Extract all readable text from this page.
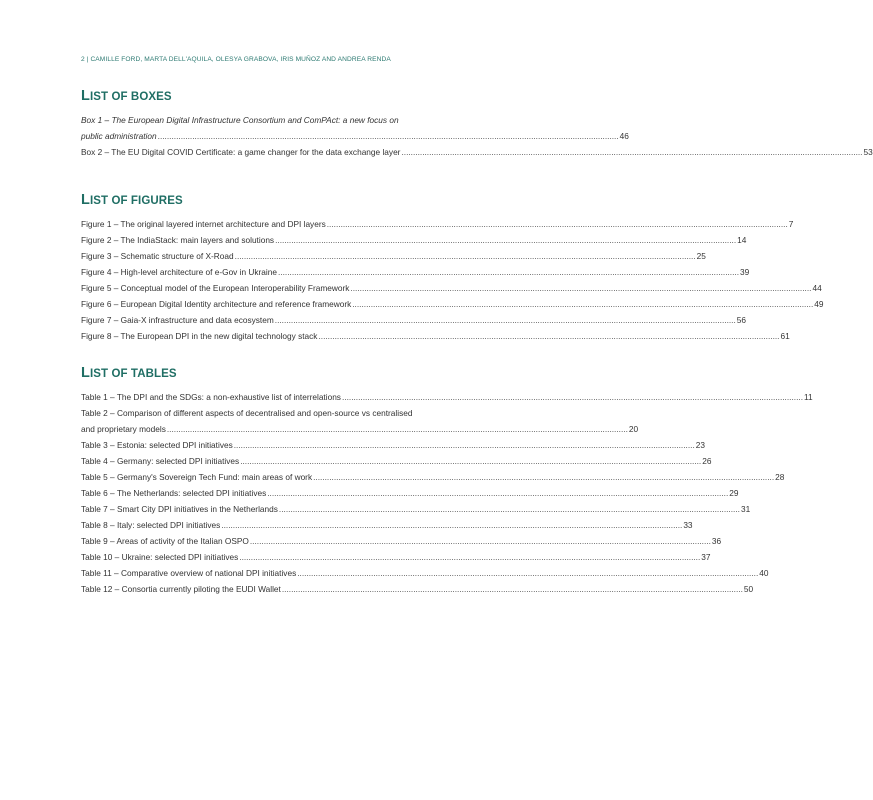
2 | CAMILLE FORD, MARTA DELL'AQUILA, OLESYA GRABOVA, IRIS MUÑOZ AND ANDREA RENDA
LIST OF BOXES
Box 1 – The European Digital Infrastructure Consortium and ComPAct: a new focus on
public administration ........................................................................................................................................................................................................ 46
Box 2 – The EU Digital COVID Certificate: a game changer for the data exchange layer ........................................................................................................................................................................................................ 53
LIST OF FIGURES
Figure 1 – The original layered internet architecture and DPI layers ........................................................................................................................................................................................................ 7
Figure 2 – The IndiaStack: main layers and solutions ........................................................................................................................................................................................................ 14
Figure 3 – Schematic structure of X-Road ........................................................................................................................................................................................................ 25
Figure 4 – High-level architecture of e-Gov in Ukraine ........................................................................................................................................................................................................ 39
Figure 5 – Conceptual model of the European Interoperability Framework ........................................................................................................................................................................................................ 44
Figure 6 – European Digital Identity architecture and reference framework ........................................................................................................................................................................................................ 49
Figure 7 – Gaia-X infrastructure and data ecosystem ........................................................................................................................................................................................................ 56
Figure 8 – The European DPI in the new digital technology stack ........................................................................................................................................................................................................ 61
LIST OF TABLES
Table 1 – The DPI and the SDGs: a non-exhaustive list of interrelations ........................................................................................................................................................................................................ 11
Table 2 – Comparison of different aspects of decentralised and open-source vs centralised
and proprietary models ........................................................................................................................................................................................................ 20
Table 3 – Estonia: selected DPI initiatives ........................................................................................................................................................................................................ 23
Table 4 – Germany: selected DPI initiatives ........................................................................................................................................................................................................ 26
Table 5 – Germany's Sovereign Tech Fund: main areas of work ........................................................................................................................................................................................................ 28
Table 6 – The Netherlands: selected DPI initiatives ........................................................................................................................................................................................................ 29
Table 7 – Smart City DPI initiatives in the Netherlands ........................................................................................................................................................................................................ 31
Table 8 – Italy: selected DPI initiatives ........................................................................................................................................................................................................ 33
Table 9 – Areas of activity of the Italian OSPO ........................................................................................................................................................................................................ 36
Table 10 – Ukraine: selected DPI initiatives ........................................................................................................................................................................................................ 37
Table 11 – Comparative overview of national DPI initiatives ........................................................................................................................................................................................................ 40
Table 12 – Consortia currently piloting the EUDI Wallet ........................................................................................................................................................................................................ 50
